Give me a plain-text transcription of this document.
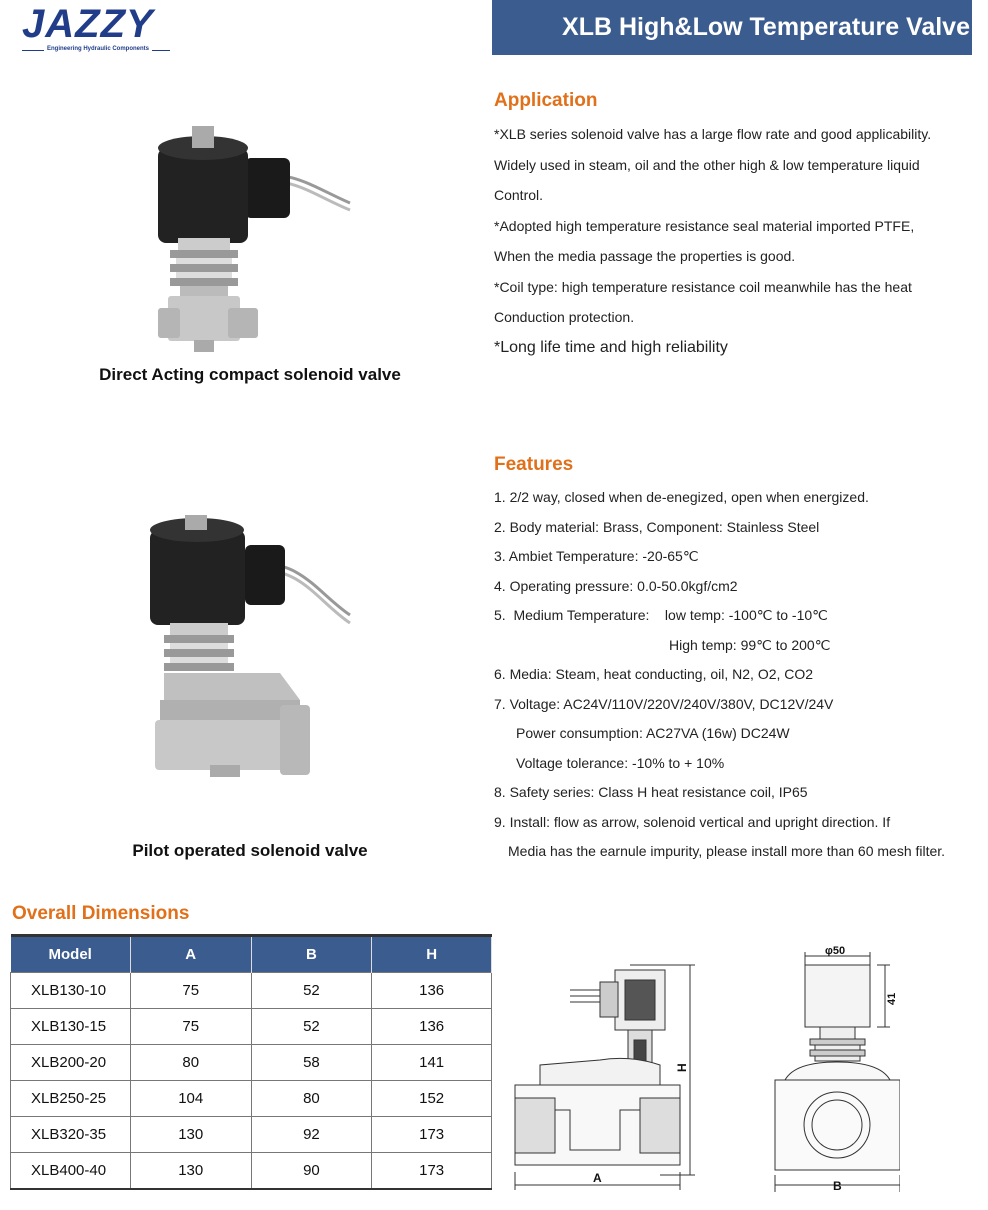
JAZZY
Engineering Hydraulic Components
XLB High&Low Temperature Valve
Direct Acting compact solenoid valve
Pilot operated solenoid valve
Application
*XLB series solenoid valve has a large flow rate and good applicability.
Widely used in steam, oil and the other high & low temperature liquid
Control.
*Adopted high temperature resistance seal material imported PTFE,
When the media passage the properties is good.
*Coil type: high temperature resistance coil meanwhile has the heat
Conduction protection.
*Long life time and high reliability
Features
1. 2/2 way, closed when de-enegized, open when energized.
2. Body material: Brass, Component: Stainless Steel
3. Ambiet Temperature: -20-65℃
4. Operating pressure: 0.0-50.0kgf/cm2
5.  Medium Temperature:    low temp: -100℃ to -10℃
High temp: 99℃ to 200℃
6. Media: Steam, heat conducting, oil, N2, O2, CO2
7. Voltage: AC24V/110V/220V/240V/380V, DC12V/24V
Power consumption: AC27VA (16w) DC24W
Voltage tolerance: -10% to + 10%
8. Safety series: Class H heat resistance coil, IP65
9. Install: flow as arrow, solenoid vertical and upright direction. If
Media has the earnule impurity, please install more than 60 mesh filter.
Overall Dimensions
Model	A	B	H
XLB130-10	75	52	136
XLB130-15	75	52	136
XLB200-20	80	58	141
XLB250-25	104	80	152
XLB320-35	130	92	173
XLB400-40	130	90	173
H
A
φ50
41
B
